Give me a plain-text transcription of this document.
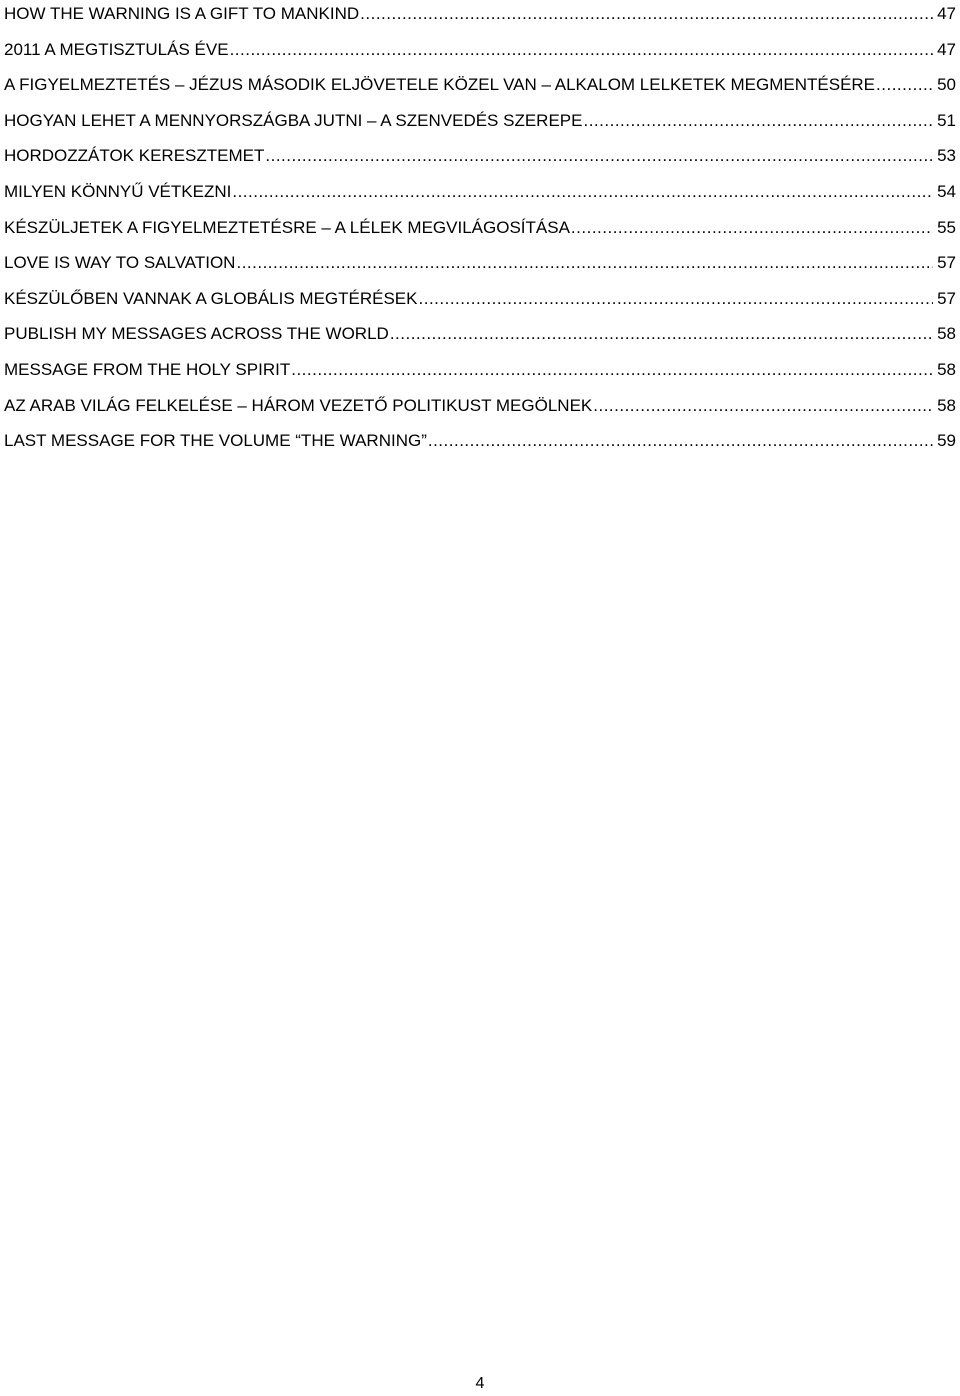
HOW THE WARNING IS A GIFT TO MANKIND .....	47
2011 A MEGTISZTULÁS ÉVE .....	47
A FIGYELMEZTETÉS – JÉZUS MÁSODIK ELJÖVETELE KÖZEL VAN – ALKALOM LELKETEK MEGMENTÉSÉRE .....	50
HOGYAN LEHET A MENNYORSZÁGBA JUTNI – A SZENVEDÉS SZEREPE .....	51
HORDOZZÁTOK KERESZTEMET .....	53
MILYEN KÖNNYŰ VÉTKEZNI .....	54
KÉSZÜLJETEK A FIGYELMEZTETÉSRE – A LÉLEK MEGVILÁGOSÍTÁSA .....	55
LOVE IS WAY TO SALVATION .....	57
KÉSZÜLŐBEN VANNAK A GLOBÁLIS MEGTÉRÉSEK .....	57
PUBLISH MY MESSAGES ACROSS THE WORLD .....	58
MESSAGE FROM THE HOLY SPIRIT .....	58
AZ ARAB VILÁG FELKELÉSE – HÁROM VEZETŐ POLITIKUST MEGÖLNEK .....	58
LAST MESSAGE FOR THE VOLUME “THE WARNING” .....	59
4
